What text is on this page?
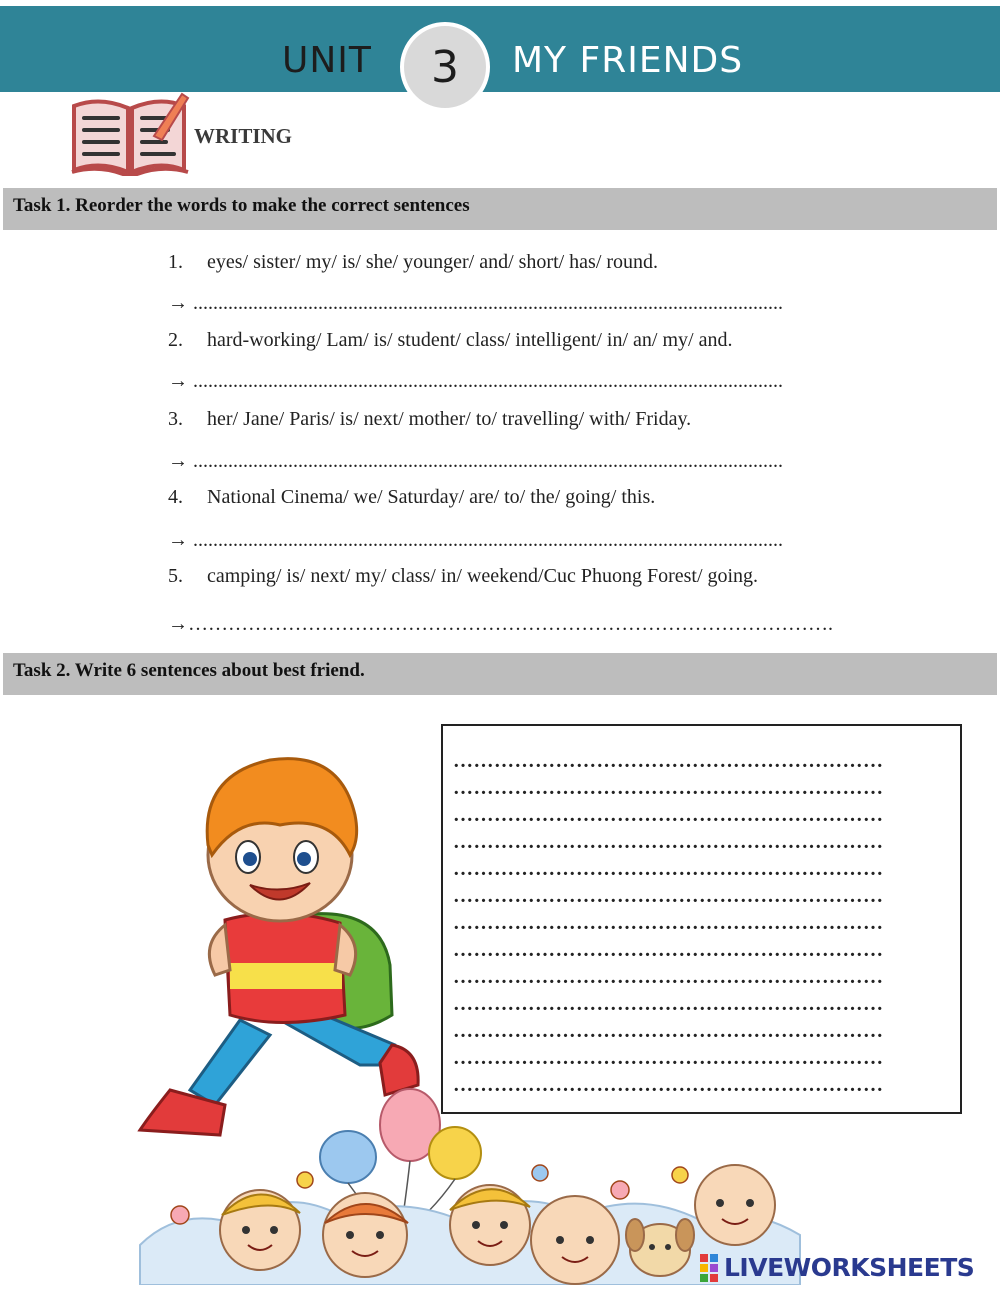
UNIT	3	MY FRIENDS
WRITING
Task 1. Reorder the words to make the correct sentences
1. eyes/ sister/ my/ is/ she/ younger/ and/ short/ has/ round.
→ ......................................................................................................................
2. hard-working/ Lam/ is/ student/ class/ intelligent/ in/ an/ my/ and.
→ ......................................................................................................................
3. her/ Jane/ Paris/ is/ next/ mother/ to/ travelling/ with/ Friday.
→ ......................................................................................................................
4. National Cinema/ we/ Saturday/ are/ to/ the/ going/ this.
→ ......................................................................................................................
5. camping/ is/ next/ my/ class/ in/ weekend/Cuc Phuong Forest/ going.
→…………………………………………………………………………………….
Task 2. Write 6 sentences about best friend.
………………………………………………………
………………………………………………………
………………………………………………………
………………………………………………………
………………………………………………………
………………………………………………………
………………………………………………………
………………………………………………………
………………………………………………………
………………………………………………………
………………………………………………………
………………………………………………………
………………………………………………………
LIVEWORKSHEETS
